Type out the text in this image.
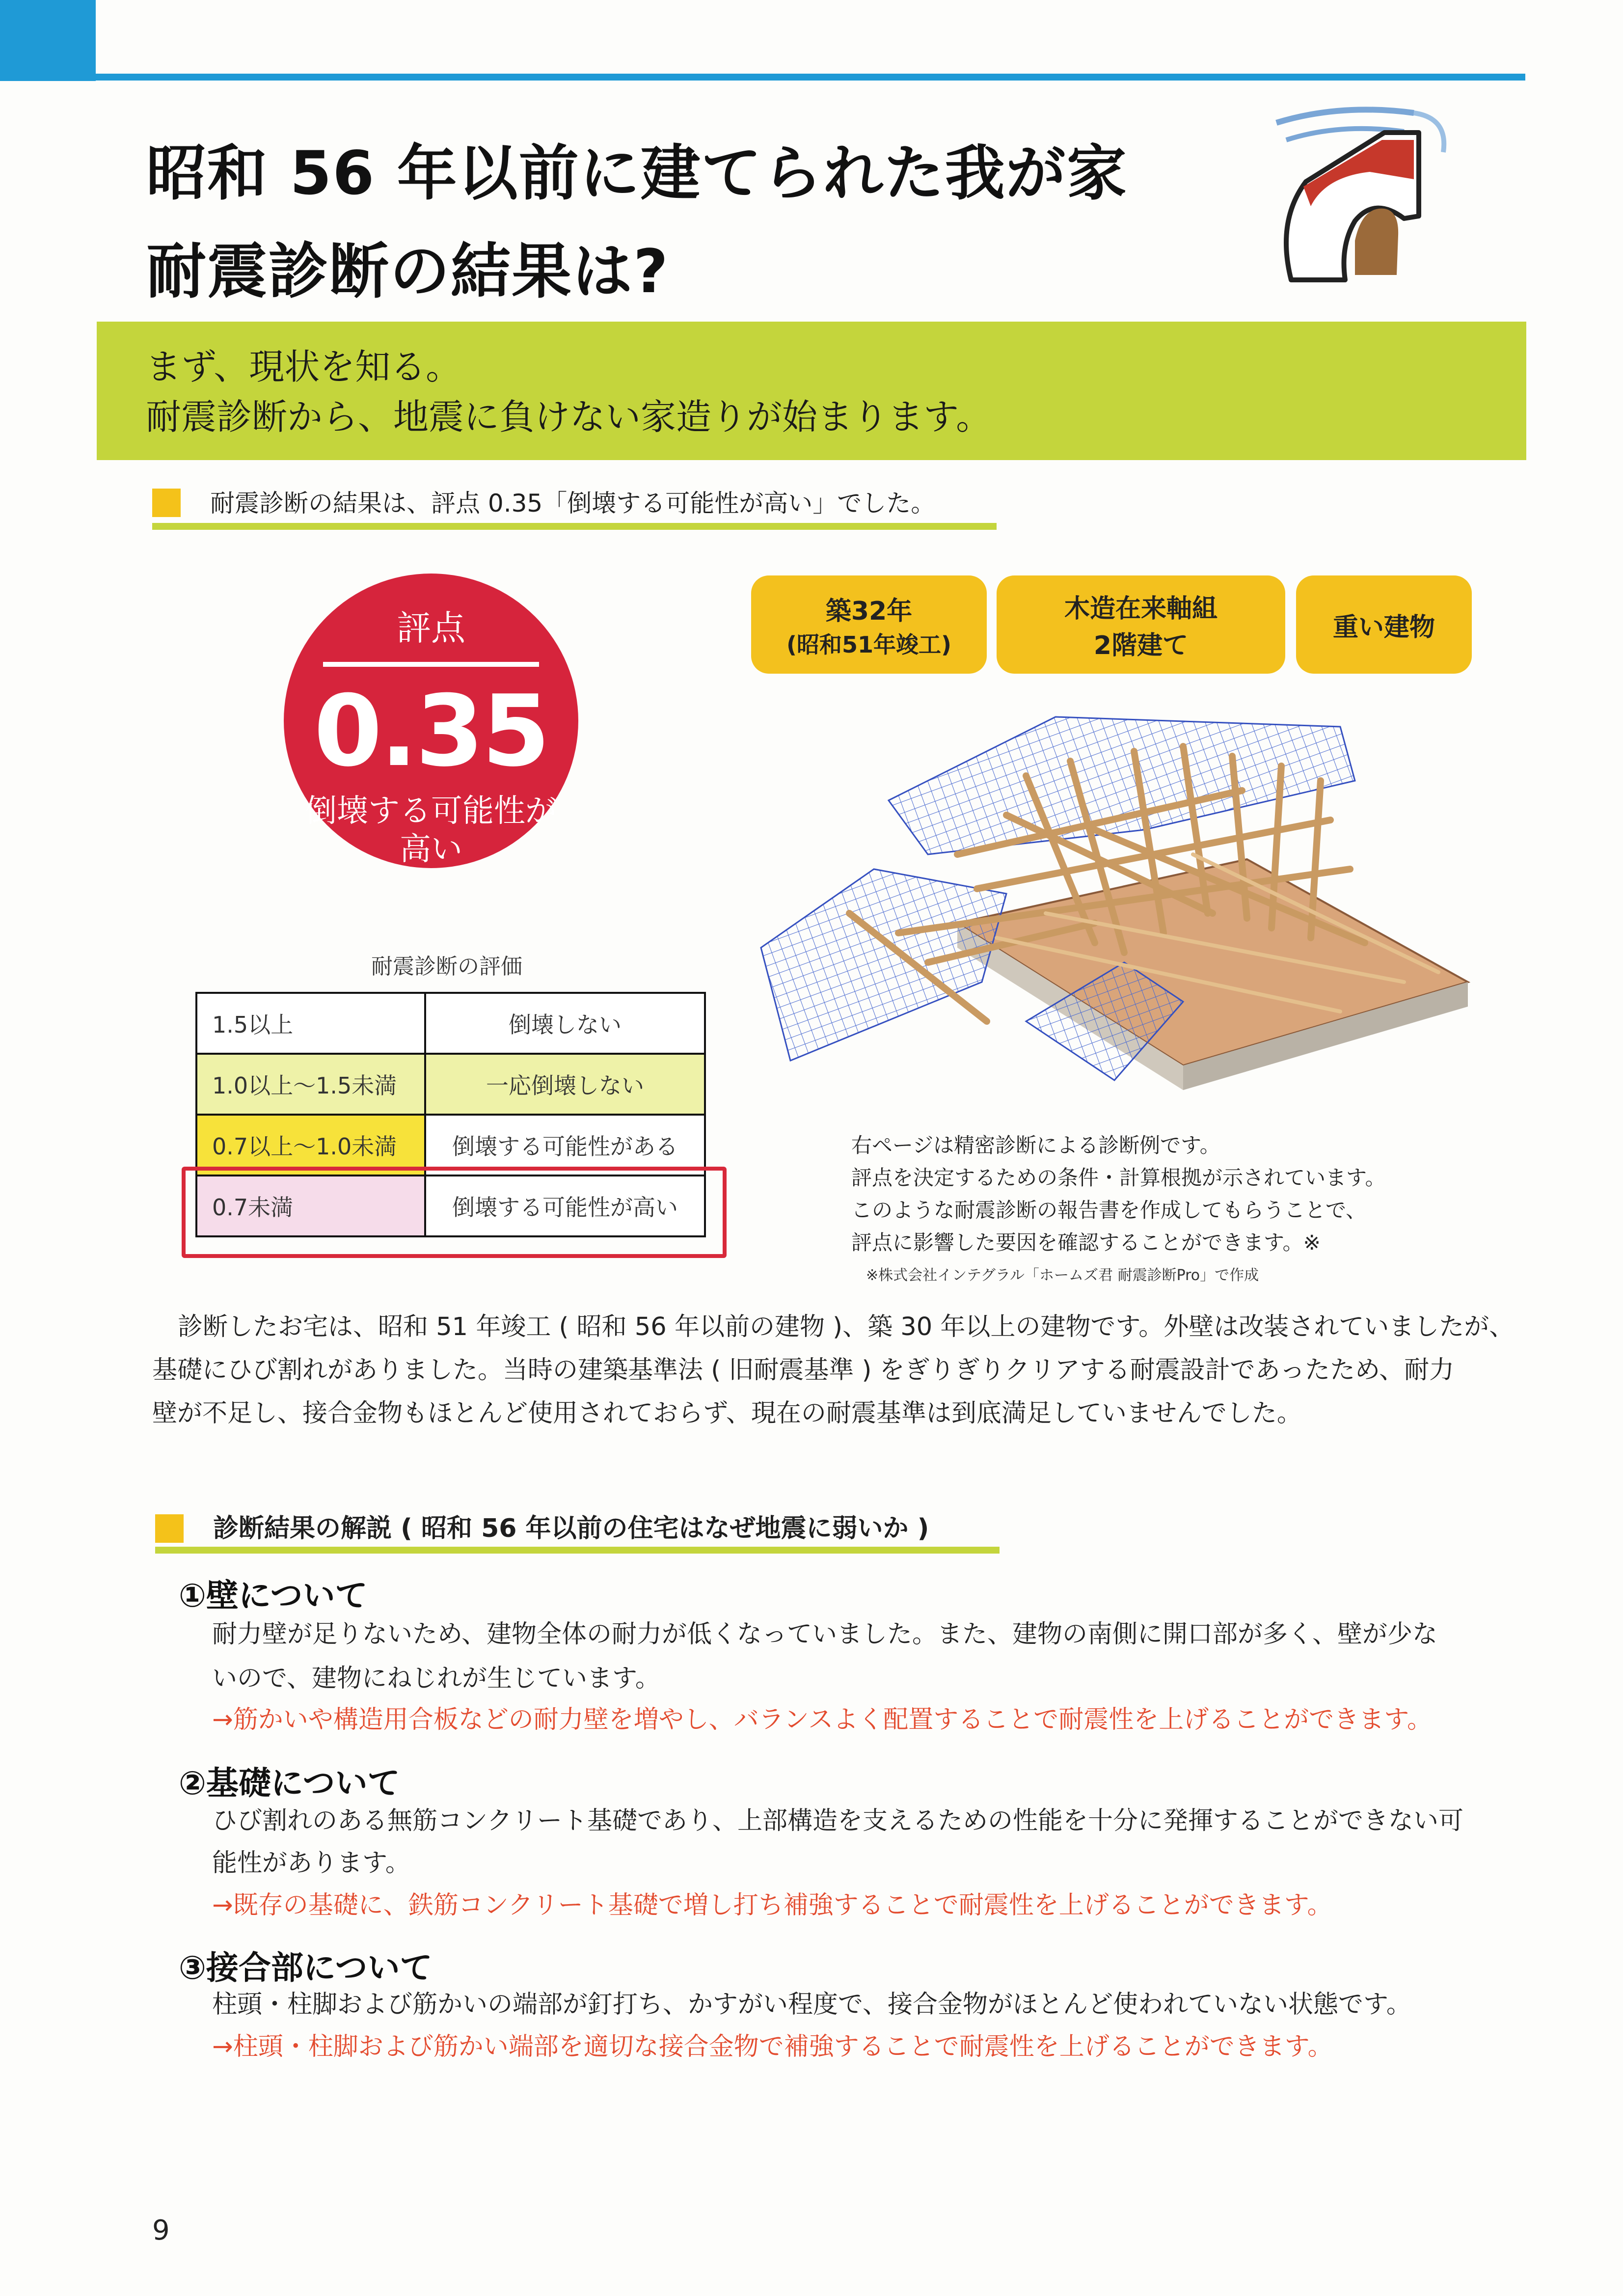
昭和 56 年以前に建てられた我が家
耐震診断の結果は?
まず、現状を知る。
耐震診断から、地震に負けない家造りが始まります。
耐震診断の結果は、評点 0.35「倒壊する可能性が高い」でした。
評点
0.35
倒壊する可能性が
高い
築32年
(昭和51年竣工)
木造在来軸組
2階建て
重い建物
耐震診断の評価
1.5以上	倒壊しない
1.0以上〜1.5未満	一応倒壊しない
0.7以上〜1.0未満	倒壊する可能性がある
0.7未満	倒壊する可能性が高い
右ページは精密診断による診断例です。
評点を決定するための条件・計算根拠が示されています。
このような耐震診断の報告書を作成してもらうことで、
評点に影響した要因を確認することができます。※
※株式会社インテグラル「ホームズ君 耐震診断Pro」で作成
診断したお宅は、昭和 51 年竣工 ( 昭和 56 年以前の建物 )、築 30 年以上の建物です。外壁は改装されていましたが、
基礎にひび割れがありました。当時の建築基準法 ( 旧耐震基準 ) をぎりぎりクリアする耐震設計であったため、耐力
壁が不足し、接合金物もほとんど使用されておらず、現在の耐震基準は到底満足していませんでした。
診断結果の解説 ( 昭和 56 年以前の住宅はなぜ地震に弱いか )
①壁について
耐力壁が足りないため、建物全体の耐力が低くなっていました。また、建物の南側に開口部が多く、壁が少な
いので、建物にねじれが生じています。
→筋かいや構造用合板などの耐力壁を増やし、バランスよく配置することで耐震性を上げることができます。
②基礎について
ひび割れのある無筋コンクリート基礎であり、上部構造を支えるための性能を十分に発揮することができない可
能性があります。
→既存の基礎に、鉄筋コンクリート基礎で増し打ち補強することで耐震性を上げることができます。
③接合部について
柱頭・柱脚および筋かいの端部が釘打ち、かすがい程度で、接合金物がほとんど使われていない状態です。
→柱頭・柱脚および筋かい端部を適切な接合金物で補強することで耐震性を上げることができます。
9
